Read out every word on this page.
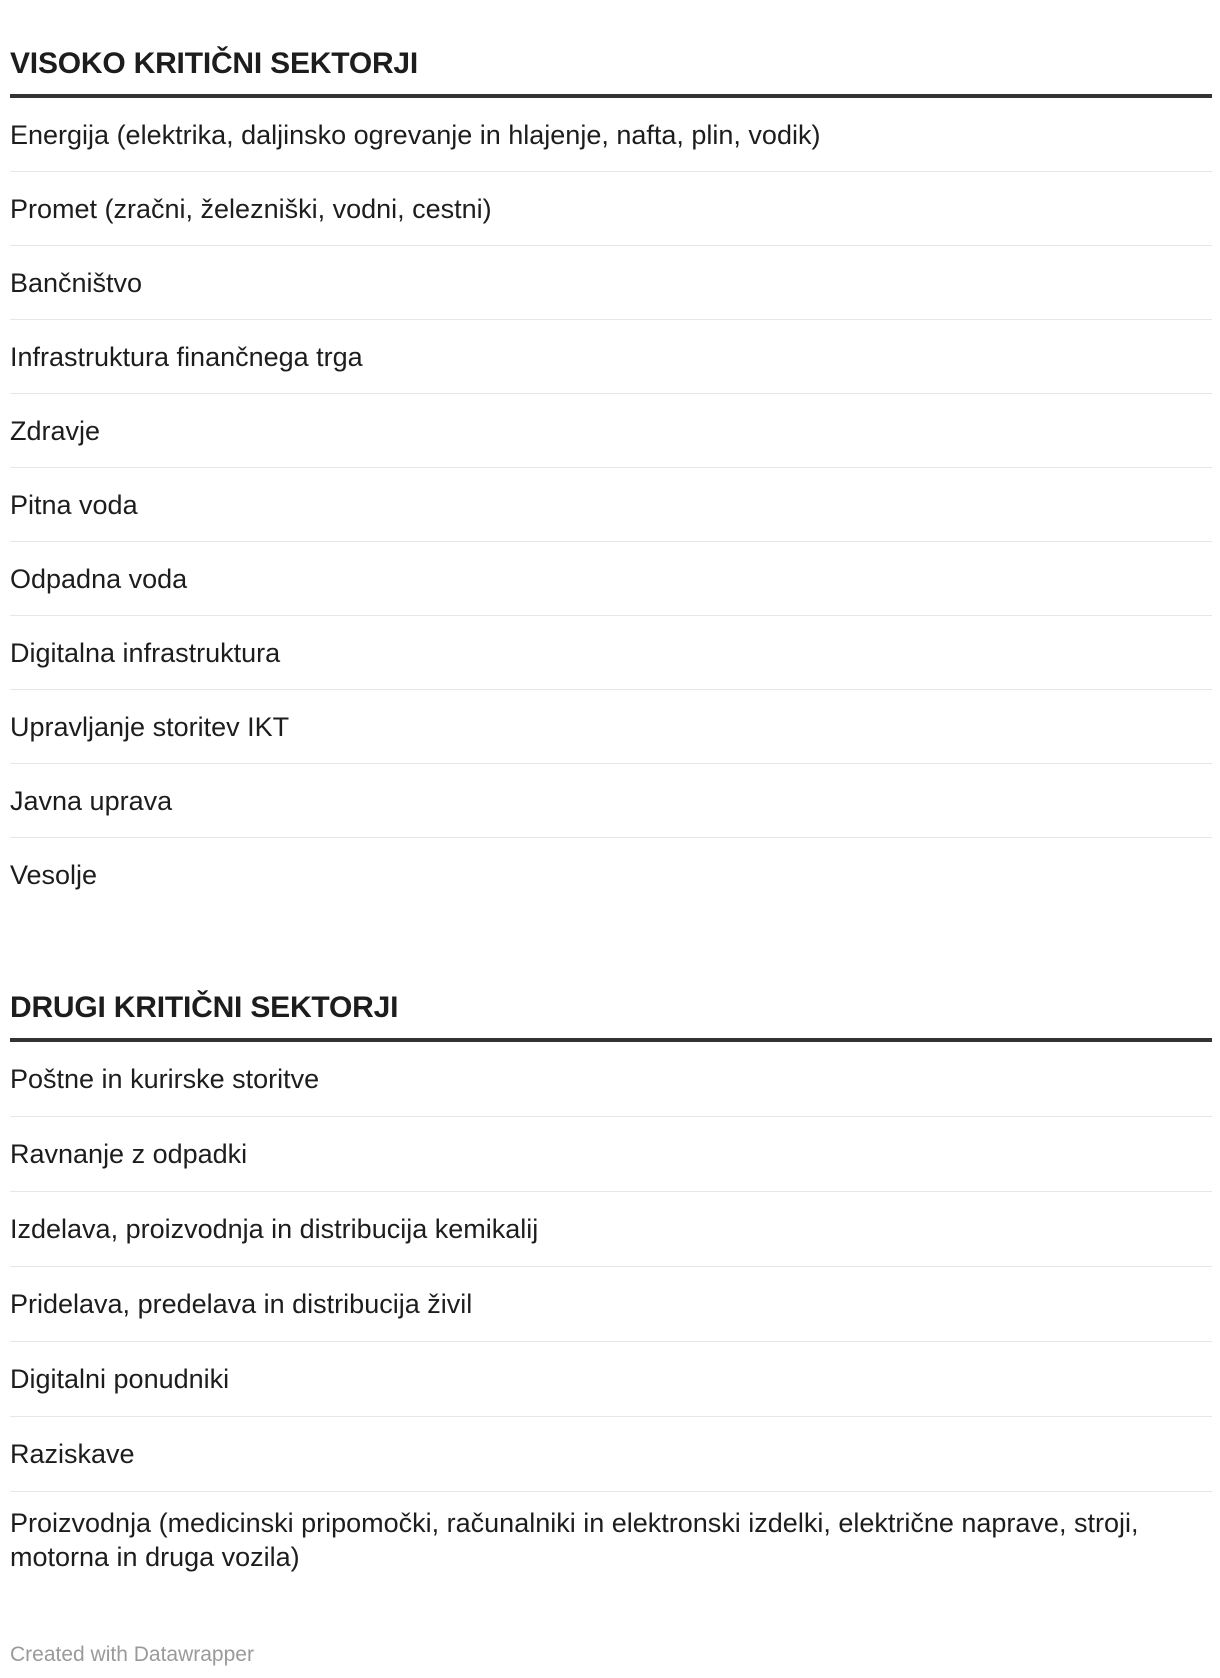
VISOKO KRITIČNI SEKTORJI
Energija (elektrika, daljinsko ogrevanje in hlajenje, nafta, plin, vodik)
Promet (zračni, železniški, vodni, cestni)
Bančništvo
Infrastruktura finančnega trga
Zdravje
Pitna voda
Odpadna voda
Digitalna infrastruktura
Upravljanje storitev IKT
Javna uprava
Vesolje
DRUGI KRITIČNI SEKTORJI
Poštne in kurirske storitve
Ravnanje z odpadki
Izdelava, proizvodnja in distribucija kemikalij
Pridelava, predelava in distribucija živil
Digitalni ponudniki
Raziskave
Proizvodnja (medicinski pripomočki, računalniki in elektronski izdelki, električne naprave, stroji, motorna in druga vozila)
Created with Datawrapper
